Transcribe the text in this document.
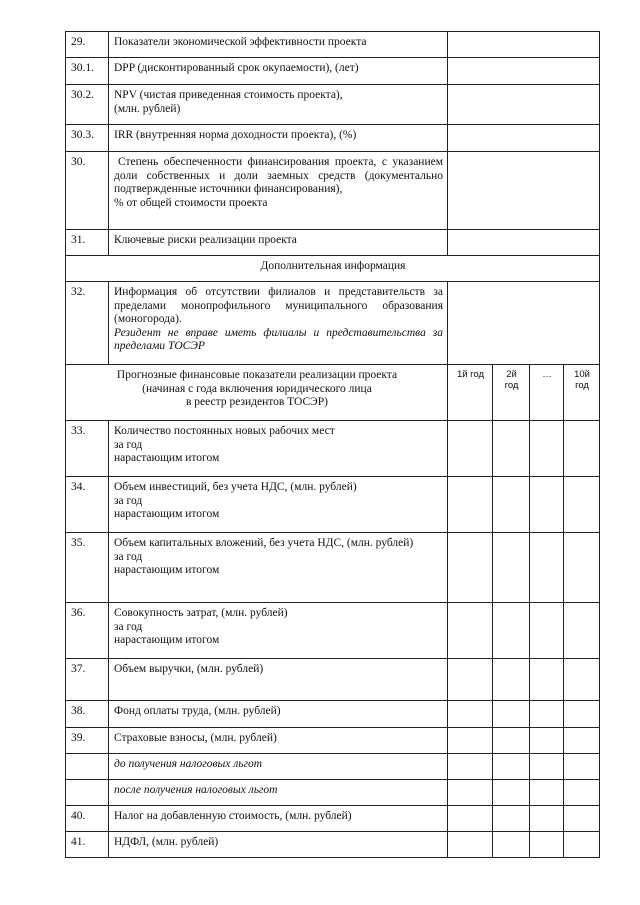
29.	Показатели экономической эффективности проекта				
30.1.	DPP (дисконтированный срок окупаемости), (лет)				
30.2.	NPV (чистая приведенная стоимость проекта),
(млн. рублей)				

30.3.	IRR (внутренняя норма доходности проекта), (%)				
30.	Степень обеспеченности финансирования проекта, с указанием доли собственных и доли заемных средств (документально подтвержденные источники финансирования),
% от общей стоимости проекта				

31.	Ключевые риски реализации проекта				
Дополнительная информация					
32.	Информация об отсутствии филиалов и представительств за пределами монопрофильного муниципального образования (моногорода).
Резидент не вправе иметь филиалы и представительства за пределами ТОСЭР				

Прогнозные финансовые показатели реализации проекта
(начиная с года включения юридического лица
в реестр резидентов ТОСЭР)		1й год	2й год	…	10й год
33.	Количество постоянных новых рабочих мест
за год
нарастающим итогом				

34.	Объем инвестиций, без учета НДС, (млн. рублей)
за год
нарастающим итогом				

35.	Объем капитальных вложений, без учета НДС, (млн. рублей)
за год
нарастающим итогом				

36.	Совокупность затрат, (млн. рублей)
за год
нарастающим итогом				

37.	Объем выручки, (млн. рублей)				
38.	Фонд оплаты труда, (млн. рублей)				
39.	Страховые взносы, (млн. рублей)				
	до получения налоговых льгот				
	после получения налоговых льгот				
40.	Налог на добавленную стоимость, (млн. рублей)				
41.	НДФЛ, (млн. рублей)				
